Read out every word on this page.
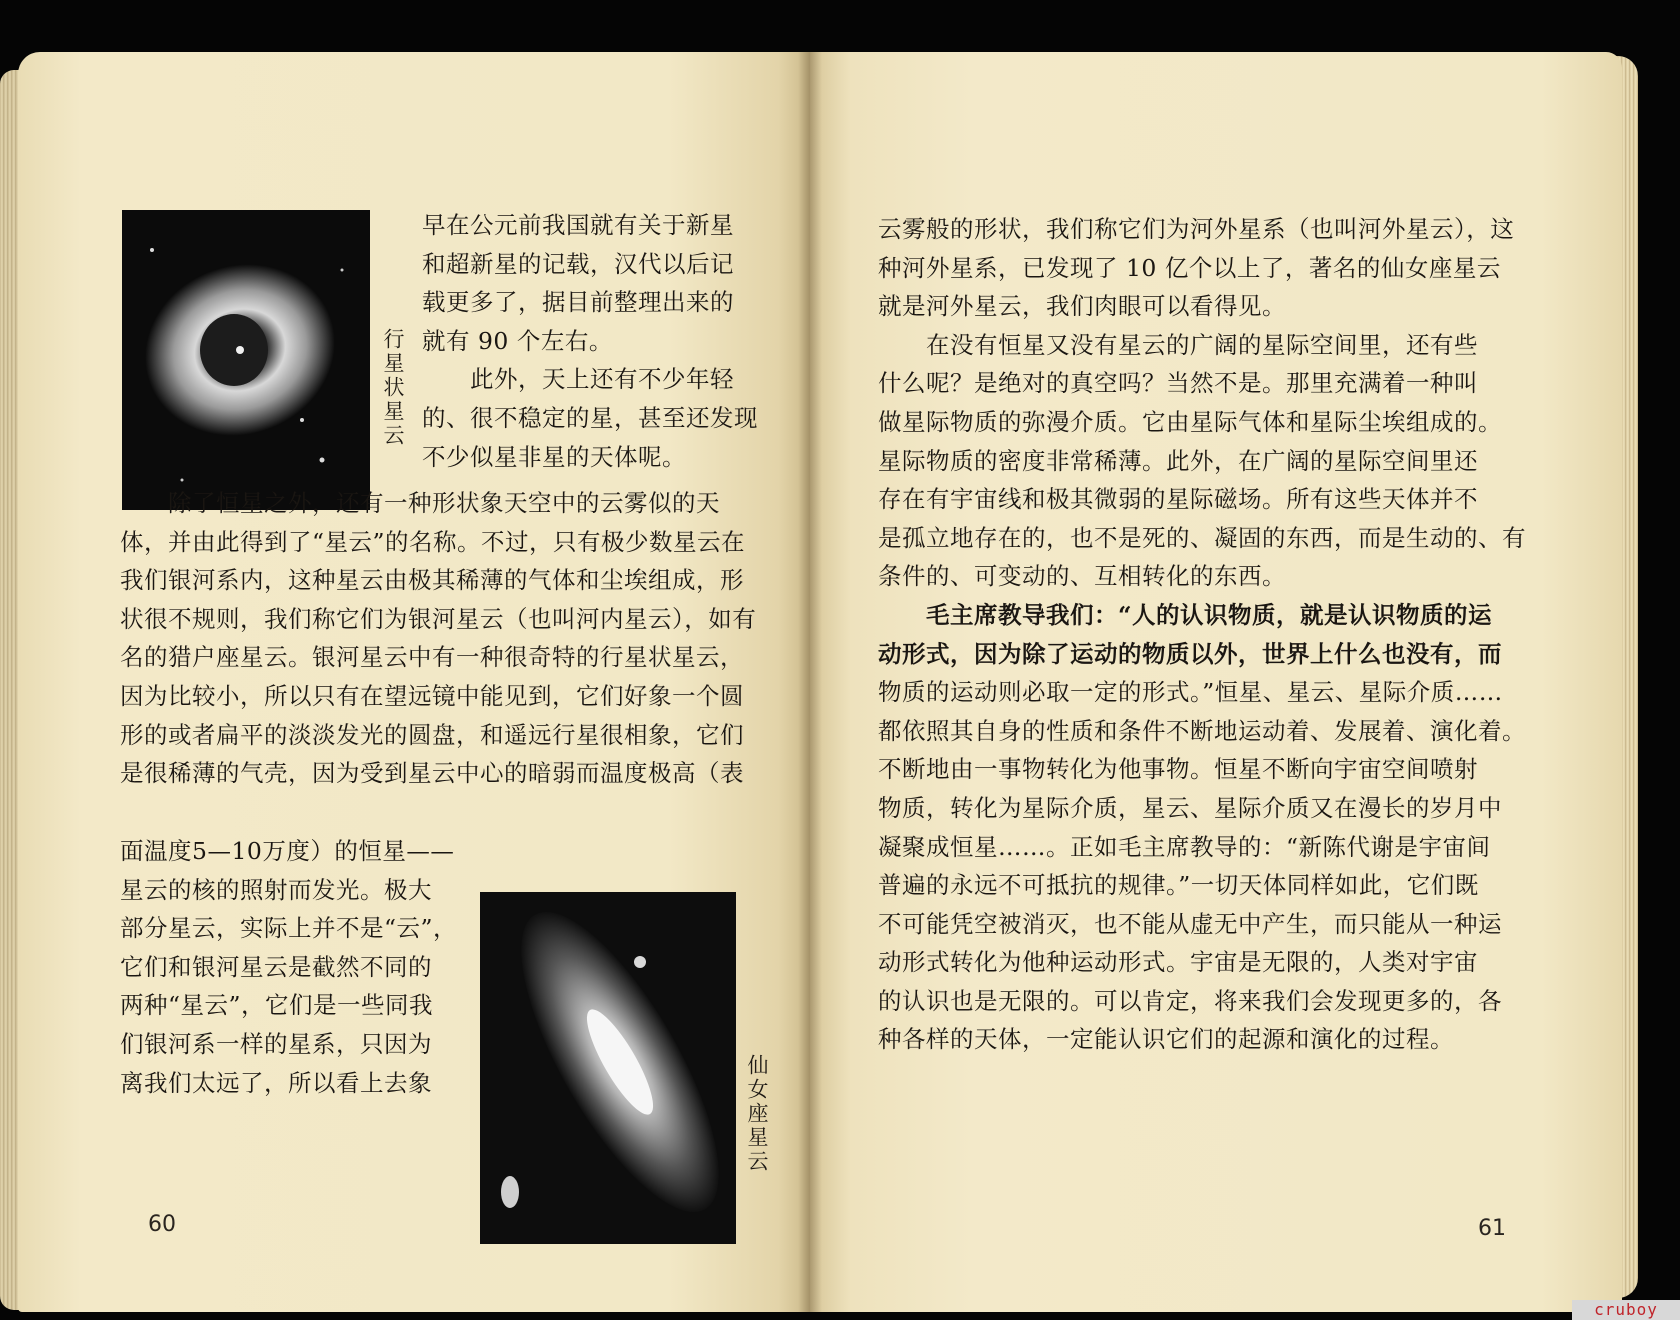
行星状星云
早在公元前我国就有关于新星
和超新星的记载，汉代以后记
载更多了，据目前整理出来的
就有 90 个左右。
　　此外，天上还有不少年轻
的、很不稳定的星，甚至还发现
不少似星非星的天体呢。
　　除了恒星之外，还有一种形状象天空中的云雾似的天
体，并由此得到了“星云”的名称。不过，只有极少数星云在
我们银河系内，这种星云由极其稀薄的气体和尘埃组成，形
状很不规则，我们称它们为银河星云（也叫河内星云），如有
名的猎户座星云。银河星云中有一种很奇特的行星状星云，
因为比较小，所以只有在望远镜中能见到，它们好象一个圆
形的或者扁平的淡淡发光的圆盘，和遥远行星很相象，它们
是很稀薄的气壳，因为受到星云中心的暗弱而温度极高（表
面温度5—10万度）的恒星——
星云的核的照射而发光。极大
部分星云，实际上并不是“云”，
它们和银河星云是截然不同的
两种“星云”，它们是一些同我
们银河系一样的星系，只因为
离我们太远了，所以看上去象	仙女座星云
60
云雾般的形状，我们称它们为河外星系（也叫河外星云），这
种河外星系，已发现了 10 亿个以上了，著名的仙女座星云
就是河外星云，我们肉眼可以看得见。
　　在没有恒星又没有星云的广阔的星际空间里，还有些
什么呢？是绝对的真空吗？当然不是。那里充满着一种叫
做星际物质的弥漫介质。它由星际气体和星际尘埃组成的。
星际物质的密度非常稀薄。此外，在广阔的星际空间里还
存在有宇宙线和极其微弱的星际磁场。所有这些天体并不
是孤立地存在的，也不是死的、凝固的东西，而是生动的、有
条件的、可变动的、互相转化的东西。
　　毛主席教导我们：“人的认识物质，就是认识物质的运
动形式，因为除了运动的物质以外，世界上什么也没有，而
物质的运动则必取一定的形式。”恒星、星云、星际介质……
都依照其自身的性质和条件不断地运动着、发展着、演化着。
不断地由一事物转化为他事物。恒星不断向宇宙空间喷射
物质，转化为星际介质，星云、星际介质又在漫长的岁月中
凝聚成恒星……。正如毛主席教导的：“新陈代谢是宇宙间
普遍的永远不可抵抗的规律。”一切天体同样如此，它们既
不可能凭空被消灭，也不能从虚无中产生，而只能从一种运
动形式转化为他种运动形式。宇宙是无限的，人类对宇宙
的认识也是无限的。可以肯定，将来我们会发现更多的，各
种各样的天体，一定能认识它们的起源和演化的过程。
61
cruboy
